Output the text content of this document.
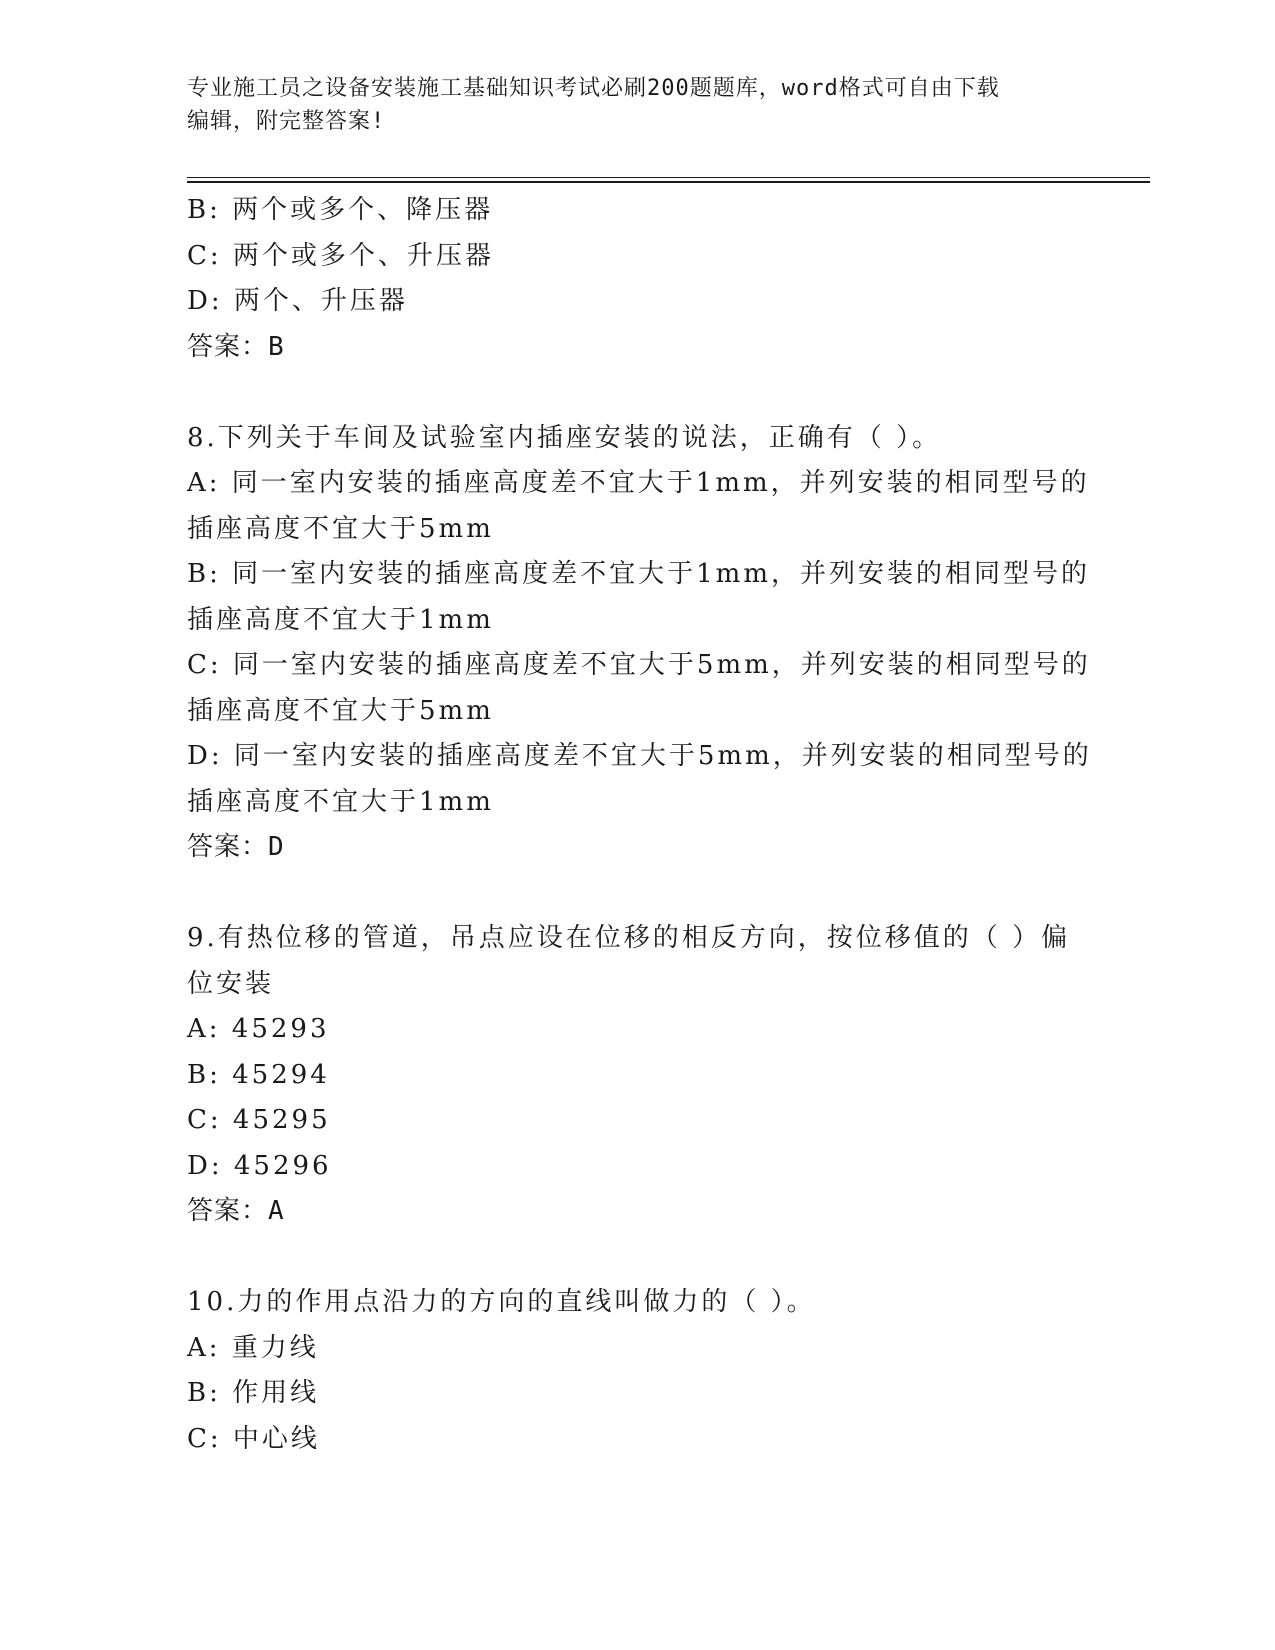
专业施工员之设备安装施工基础知识考试必刷200题题库，word格式可自由下载
编辑，附完整答案!
B: 两个或多个、降压器
C: 两个或多个、升压器
D: 两个、升压器
答案：B
8.下列关于车间及试验室内插座安装的说法，正确有（ ）。
A: 同一室内安装的插座高度差不宜大于1mm，并列安装的相同型号的
插座高度不宜大于5mm
B: 同一室内安装的插座高度差不宜大于1mm，并列安装的相同型号的
插座高度不宜大于1mm
C: 同一室内安装的插座高度差不宜大于5mm，并列安装的相同型号的
插座高度不宜大于5mm
D: 同一室内安装的插座高度差不宜大于5mm，并列安装的相同型号的
插座高度不宜大于1mm
答案：D
9.有热位移的管道，吊点应设在位移的相反方向，按位移值的（ ）偏
位安装
A: 45293
B: 45294
C: 45295
D: 45296
答案：A
10.力的作用点沿力的方向的直线叫做力的（ ）。
A: 重力线
B: 作用线
C: 中心线
